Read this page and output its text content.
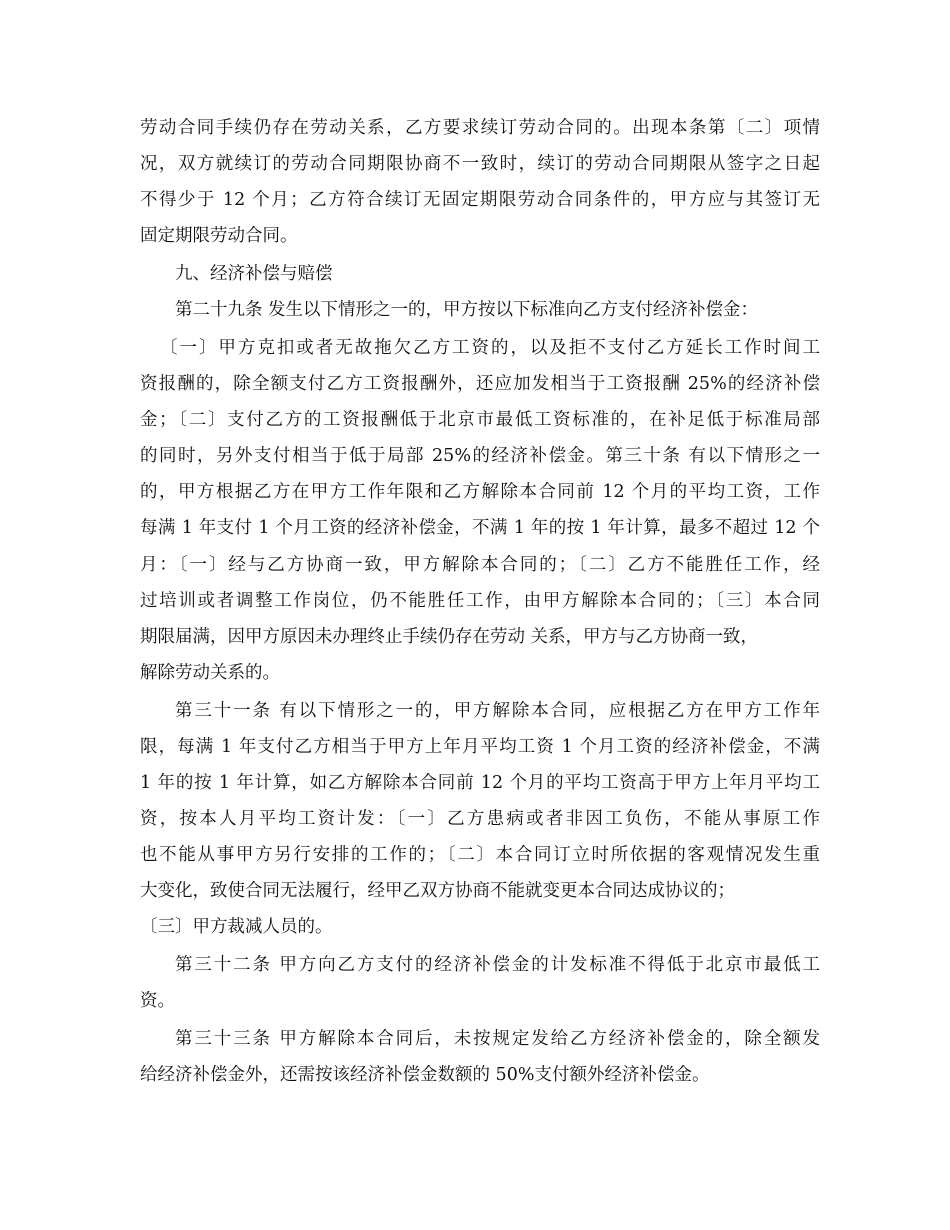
劳动合同手续仍存在劳动关系，乙方要求续订劳动合同的。出现本条第〔二〕项情
况，双方就续订的劳动合同期限协商不一致时，续订的劳动合同期限从签字之日起
不得少于 12 个月；乙方符合续订无固定期限劳动合同条件的，甲方应与其签订无
固定期限劳动合同。
九、经济补偿与赔偿
第二十九条 发生以下情形之一的，甲方按以下标准向乙方支付经济补偿金：
〔一〕甲方克扣或者无故拖欠乙方工资的，以及拒不支付乙方延长工作时间工
资报酬的，除全额支付乙方工资报酬外，还应加发相当于工资报酬 25%的经济补偿
金；〔二〕支付乙方的工资报酬低于北京市最低工资标准的，在补足低于标准局部
的同时，另外支付相当于低于局部 25%的经济补偿金。第三十条 有以下情形之一
的，甲方根据乙方在甲方工作年限和乙方解除本合同前 12 个月的平均工资，工作
每满 1 年支付 1 个月工资的经济补偿金，不满 1 年的按 1 年计算，最多不超过 12 个
月：〔一〕经与乙方协商一致，甲方解除本合同的；〔二〕乙方不能胜任工作，经
过培训或者调整工作岗位，仍不能胜任工作，由甲方解除本合同的；〔三〕本合同
期限届满，因甲方原因未办理终止手续仍存在劳动 关系，甲方与乙方协商一致，
解除劳动关系的。
第三十一条 有以下情形之一的，甲方解除本合同，应根据乙方在甲方工作年
限，每满 1 年支付乙方相当于甲方上年月平均工资 1 个月工资的经济补偿金，不满
1 年的按 1 年计算，如乙方解除本合同前 12 个月的平均工资高于甲方上年月平均工
资，按本人月平均工资计发：〔一〕乙方患病或者非因工负伤，不能从事原工作
也不能从事甲方另行安排的工作的；〔二〕本合同订立时所依据的客观情况发生重
大变化，致使合同无法履行，经甲乙双方协商不能就变更本合同达成协议的；
〔三〕甲方裁减人员的。
第三十二条 甲方向乙方支付的经济补偿金的计发标准不得低于北京市最低工
资。
第三十三条 甲方解除本合同后，未按规定发给乙方经济补偿金的，除全额发
给经济补偿金外，还需按该经济补偿金数额的 50%支付额外经济补偿金。
